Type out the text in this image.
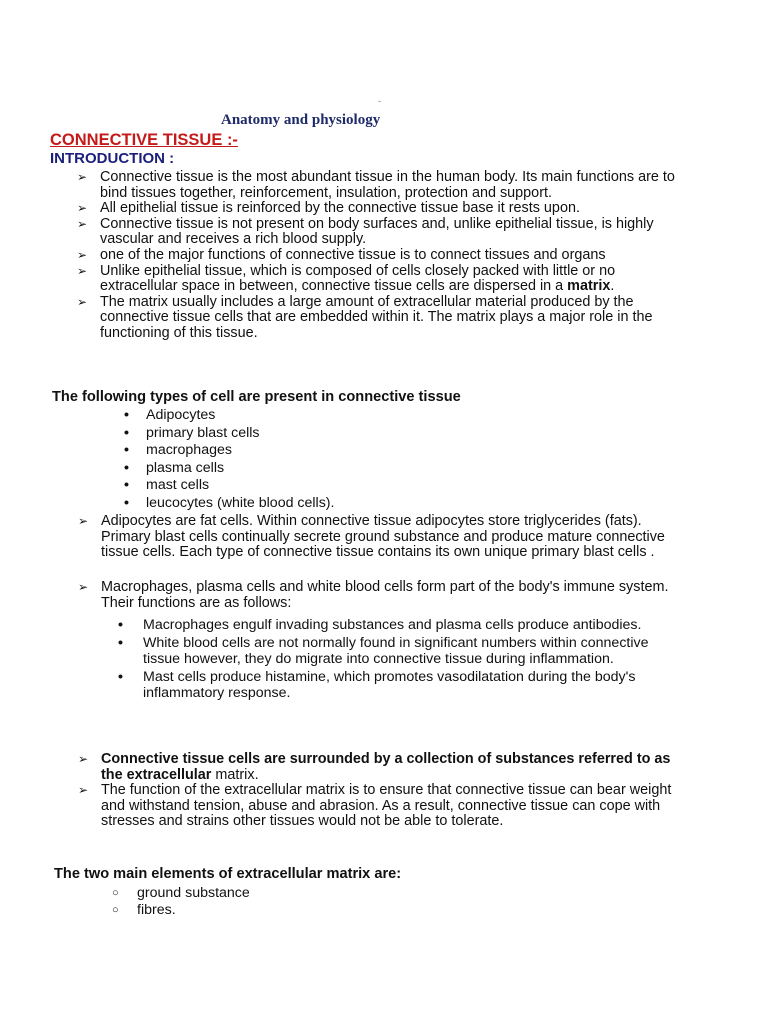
-
Anatomy and physiology
CONNECTIVE TISSUE :-
INTRODUCTION :
➢ Connective tissue is the most abundant tissue in the human body. Its main functions are to bind tissues together, reinforcement, insulation, protection and support.
➢ All epithelial tissue is reinforced by the connective tissue base it rests upon.
➢ Connective tissue is not present on body surfaces and, unlike epithelial tissue, is highly vascular and receives a rich blood supply.
➢ one of the major functions of connective tissue is to connect tissues and organs
➢ Unlike epithelial tissue, which is composed of cells closely packed with little or no extracellular space in between, connective tissue cells are dispersed in a matrix.
➢ The matrix usually includes a large amount of extracellular material produced by the connective tissue cells that are embedded within it. The matrix plays a major role in the functioning of this tissue.
The following types of cell are present in connective tissue
• Adipocytes
• primary blast cells
• macrophages
• plasma cells
• mast cells
• leucocytes (white blood cells).
➢ Adipocytes are fat cells. Within connective tissue adipocytes store triglycerides (fats). Primary blast cells continually secrete ground substance and produce mature connective tissue cells. Each type of connective tissue contains its own unique primary blast cells .
➢ Macrophages, plasma cells and white blood cells form part of the body's immune system. Their functions are as follows:
• Macrophages engulf invading substances and plasma cells produce antibodies.
• White blood cells are not normally found in significant numbers within connective tissue however, they do migrate into connective tissue during inflammation.
• Mast cells produce histamine, which promotes vasodilatation during the body's inflammatory response.
➢ Connective tissue cells are surrounded by a collection of substances referred to as the extracellular matrix.
➢ The function of the extracellular matrix is to ensure that connective tissue can bear weight and withstand tension, abuse and abrasion. As a result, connective tissue can cope with stresses and strains other tissues would not be able to tolerate.
The two main elements of extracellular matrix are:
○ ground substance
○ fibres.
